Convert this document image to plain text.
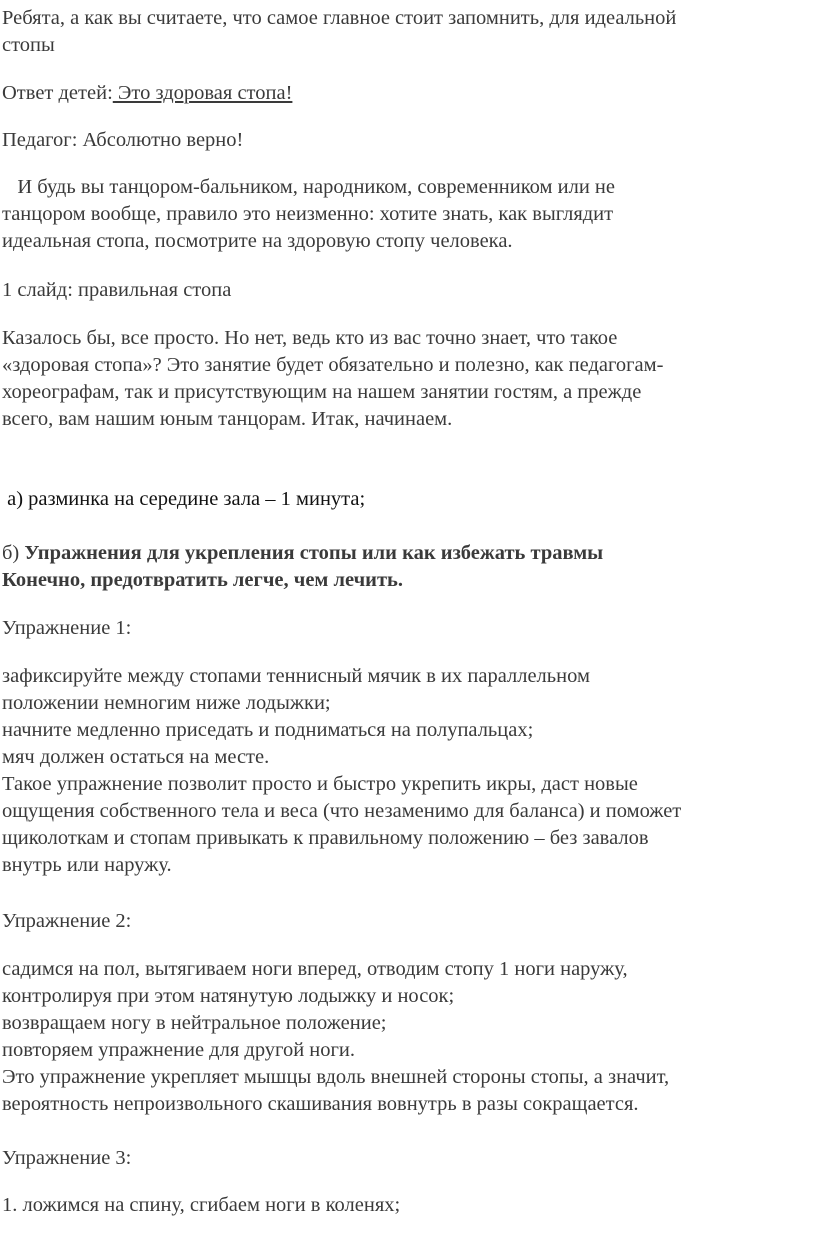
Ребята, а как вы считаете, что самое главное стоит запомнить, для идеальной
стопы

Ответ детей: Это здоровая стопа!

Педагог: Абсолютно верно!

И будь вы танцором-бальником, народником, современником или не
танцором вообще, правило это неизменно: хотите знать, как выглядит
идеальная стопа, посмотрите на здоровую стопу человека.

1 слайд: правильная стопа

Казалось бы, все просто. Но нет, ведь кто из вас точно знает, что такое
«здоровая стопа»? Это занятие будет обязательно и полезно, как педагогам-
хореографам, так и присутствующим на нашем занятии гостям, а прежде
всего, вам нашим юным танцорам. Итак, начинаем.

а) разминка на середине зала – 1 минута;

б) Упражнения для укрепления стопы или как избежать травмы
Конечно, предотвратить легче, чем лечить.

Упражнение 1:

зафиксируйте между стопами теннисный мячик в их параллельном
положении немногим ниже лодыжки;
начните медленно приседать и подниматься на полупальцах;
мяч должен остаться на месте.
Такое упражнение позволит просто и быстро укрепить икры, даст новые
ощущения собственного тела и веса (что незаменимо для баланса) и поможет
щиколоткам и стопам привыкать к правильному положению – без завалов
внутрь или наружу.

Упражнение 2:

садимся на пол, вытягиваем ноги вперед, отводим стопу 1 ноги наружу,
контролируя при этом натянутую лодыжку и носок;
возвращаем ногу в нейтральное положение;
повторяем упражнение для другой ноги.
Это упражнение укрепляет мышцы вдоль внешней стороны стопы, а значит,
вероятность непроизвольного скашивания вовнутрь в разы сокращается.

Упражнение 3:

1. ложимся на спину, сгибаем ноги в коленях;
